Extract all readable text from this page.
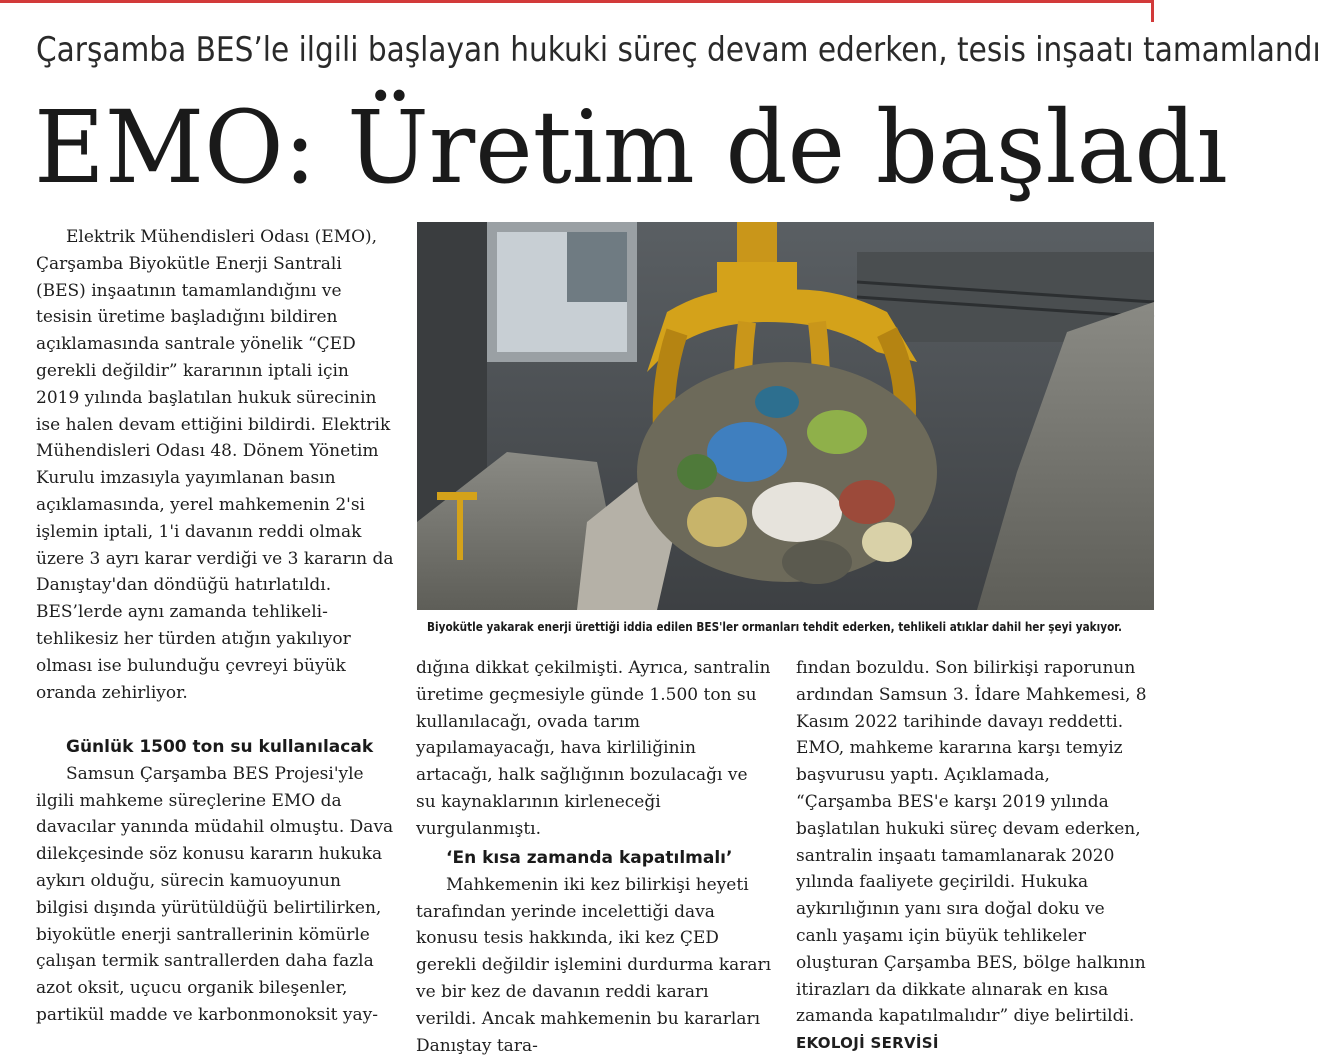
Çarşamba BES’le ilgili başlayan hukuki süreç devam ederken, tesis inşaatı tamamlandı
EMO: Üretim de başladı

Elektrik Mühendisleri Odası (EMO), Çarşamba Biyokütle Enerji Santrali (BES) inşaatının tamamlandığını ve tesisin üretime başladığını bildiren açıklamasında santrale yönelik “ÇED gerekli değildir” kararının iptali için 2019 yılında başlatılan hukuk sürecinin ise halen devam ettiğini bildirdi. Elektrik Mühendisleri Odası 48. Dönem Yönetim Kurulu imzasıyla yayımlanan basın açıklamasında, yerel mahkemenin 2'si işlemin iptali, 1'i davanın reddi olmak üzere 3 ayrı karar verdiği ve 3 kararın da Danıştay'dan döndüğü hatırlatıldı. BES’lerde aynı zamanda tehlikeli-tehlikesiz her türden atığın yakılıyor olması ise bulunduğu çevreyi büyük oranda zehirliyor.

Günlük 1500 ton su kullanılacak

Samsun Çarşamba BES Projesi'yle ilgili mahkeme süreçlerine EMO da davacılar yanında müdahil olmuştu. Dava dilekçesinde söz konusu kararın hukuka aykırı olduğu, sürecin kamuoyunun bilgisi dışında yürütüldüğü belirtilirken, biyokütle enerji santrallerinin kömürle çalışan termik santrallerden daha fazla azot oksit, uçucu organik bileşenler, partikül madde ve karbonmonoksit yay-

Biyokütle yakarak enerji ürettiği iddia edilen BES'ler ormanları tehdit ederken, tehlikeli atıklar dahil her şeyi yakıyor.

dığına dikkat çekilmişti. Ayrıca, santralin üretime geçmesiyle günde 1.500 ton su kullanılacağı, ovada tarım yapılamayacağı, hava kirliliğinin artacağı, halk sağlığının bozulacağı ve su kaynaklarının kirleneceği vurgulanmıştı.

‘En kısa zamanda kapatılmalı’

Mahkemenin iki kez bilirkişi heyeti tarafından yerinde incelettiği dava konusu tesis hakkında, iki kez ÇED gerekli değildir işlemini durdurma kararı ve bir kez de davanın reddi kararı verildi. Ancak mahkemenin bu kararları Danıştay tara-

fından bozuldu. Son bilirkişi raporunun ardından Samsun 3. İdare Mahkemesi, 8 Kasım 2022 tarihinde davayı reddetti. EMO, mahkeme kararına karşı temyiz başvurusu yaptı. Açıklamada, “Çarşamba BES'e karşı 2019 yılında başlatılan hukuki süreç devam ederken, santralin inşaatı tamamlanarak 2020 yılında faaliyete geçirildi. Hukuka aykırılığının yanı sıra doğal doku ve canlı yaşamı için büyük tehlikeler oluşturan Çarşamba BES, bölge halkının itirazları da dikkate alınarak en kısa zamanda kapatılmalıdır” diye belirtildi. EKOLOJİ SERVİSİ
